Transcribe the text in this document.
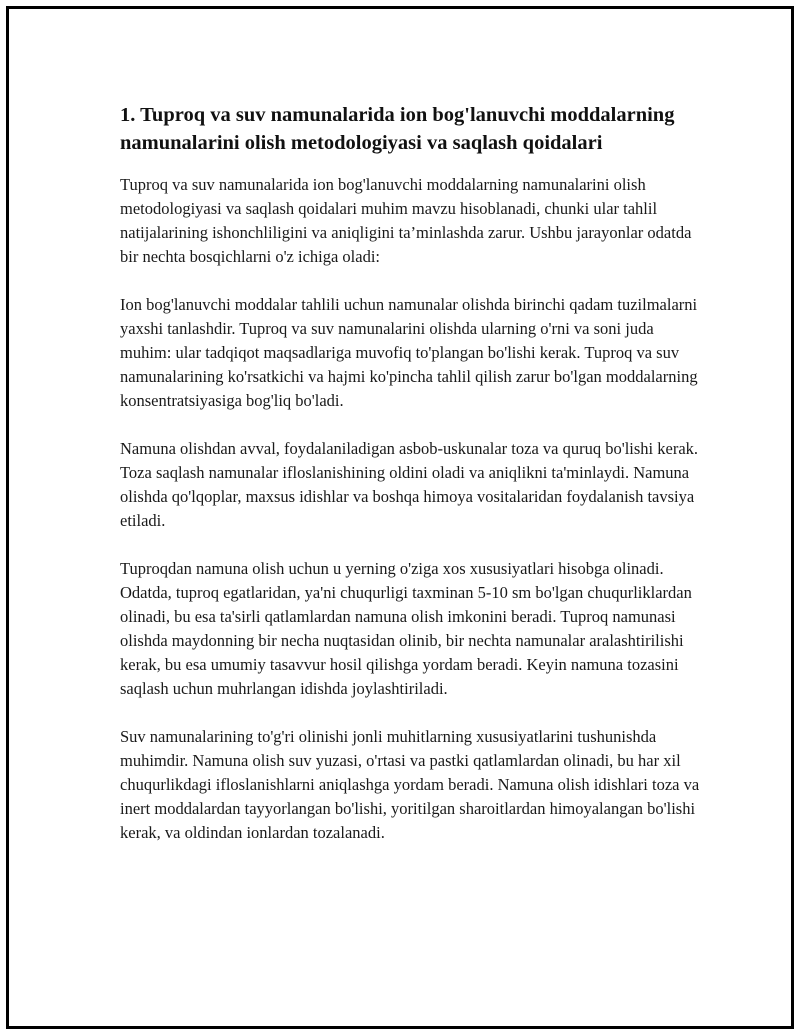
1. Tuproq va suv namunalarida ion bog'lanuvchi moddalarning namunalarini olish metodologiyasi va saqlash qoidalari

Tuproq va suv namunalarida ion bog'lanuvchi moddalarning namunalarini olish metodologiyasi va saqlash qoidalari muhim mavzu hisoblanadi, chunki ular tahlil natijalarining ishonchliligini va aniqligini ta’minlashda zarur. Ushbu jarayonlar odatda bir nechta bosqichlarni o'z ichiga oladi:

Ion bog'lanuvchi moddalar tahlili uchun namunalar olishda birinchi qadam tuzilmalarni yaxshi tanlashdir. Tuproq va suv namunalarini olishda ularning o'rni va soni juda muhim: ular tadqiqot maqsadlariga muvofiq to'plangan bo'lishi kerak. Tuproq va suv namunalarining ko'rsatkichi va hajmi ko'pincha tahlil qilish zarur bo'lgan moddalarning konsentratsiyasiga bog'liq bo'ladi.

Namuna olishdan avval, foydalaniladigan asbob-uskunalar toza va quruq bo'lishi kerak. Toza saqlash namunalar ifloslanishining oldini oladi va aniqlikni ta'minlaydi. Namuna olishda qo'lqoplar, maxsus idishlar va boshqa himoya vositalaridan foydalanish tavsiya etiladi.

Tuproqdan namuna olish uchun u yerning o'ziga xos xususiyatlari hisobga olinadi. Odatda, tuproq egatlaridan, ya'ni chuqurligi taxminan 5-10 sm bo'lgan chuqurliklardan olinadi, bu esa ta'sirli qatlamlardan namuna olish imkonini beradi. Tuproq namunasi olishda maydonning bir necha nuqtasidan olinib, bir nechta namunalar aralashtirilishi kerak, bu esa umumiy tasavvur hosil qilishga yordam beradi. Keyin namuna tozasini saqlash uchun muhrlangan idishda joylashtiriladi.

Suv namunalarining to'g'ri olinishi jonli muhitlarning xususiyatlarini tushunishda muhimdir. Namuna olish suv yuzasi, o'rtasi va pastki qatlamlardan olinadi, bu har xil chuqurlikdagi ifloslanishlarni aniqlashga yordam beradi. Namuna olish idishlari toza va inert moddalardan tayyorlangan bo'lishi, yoritilgan sharoitlardan himoyalangan bo'lishi kerak, va oldindan ionlardan tozalanadi.
